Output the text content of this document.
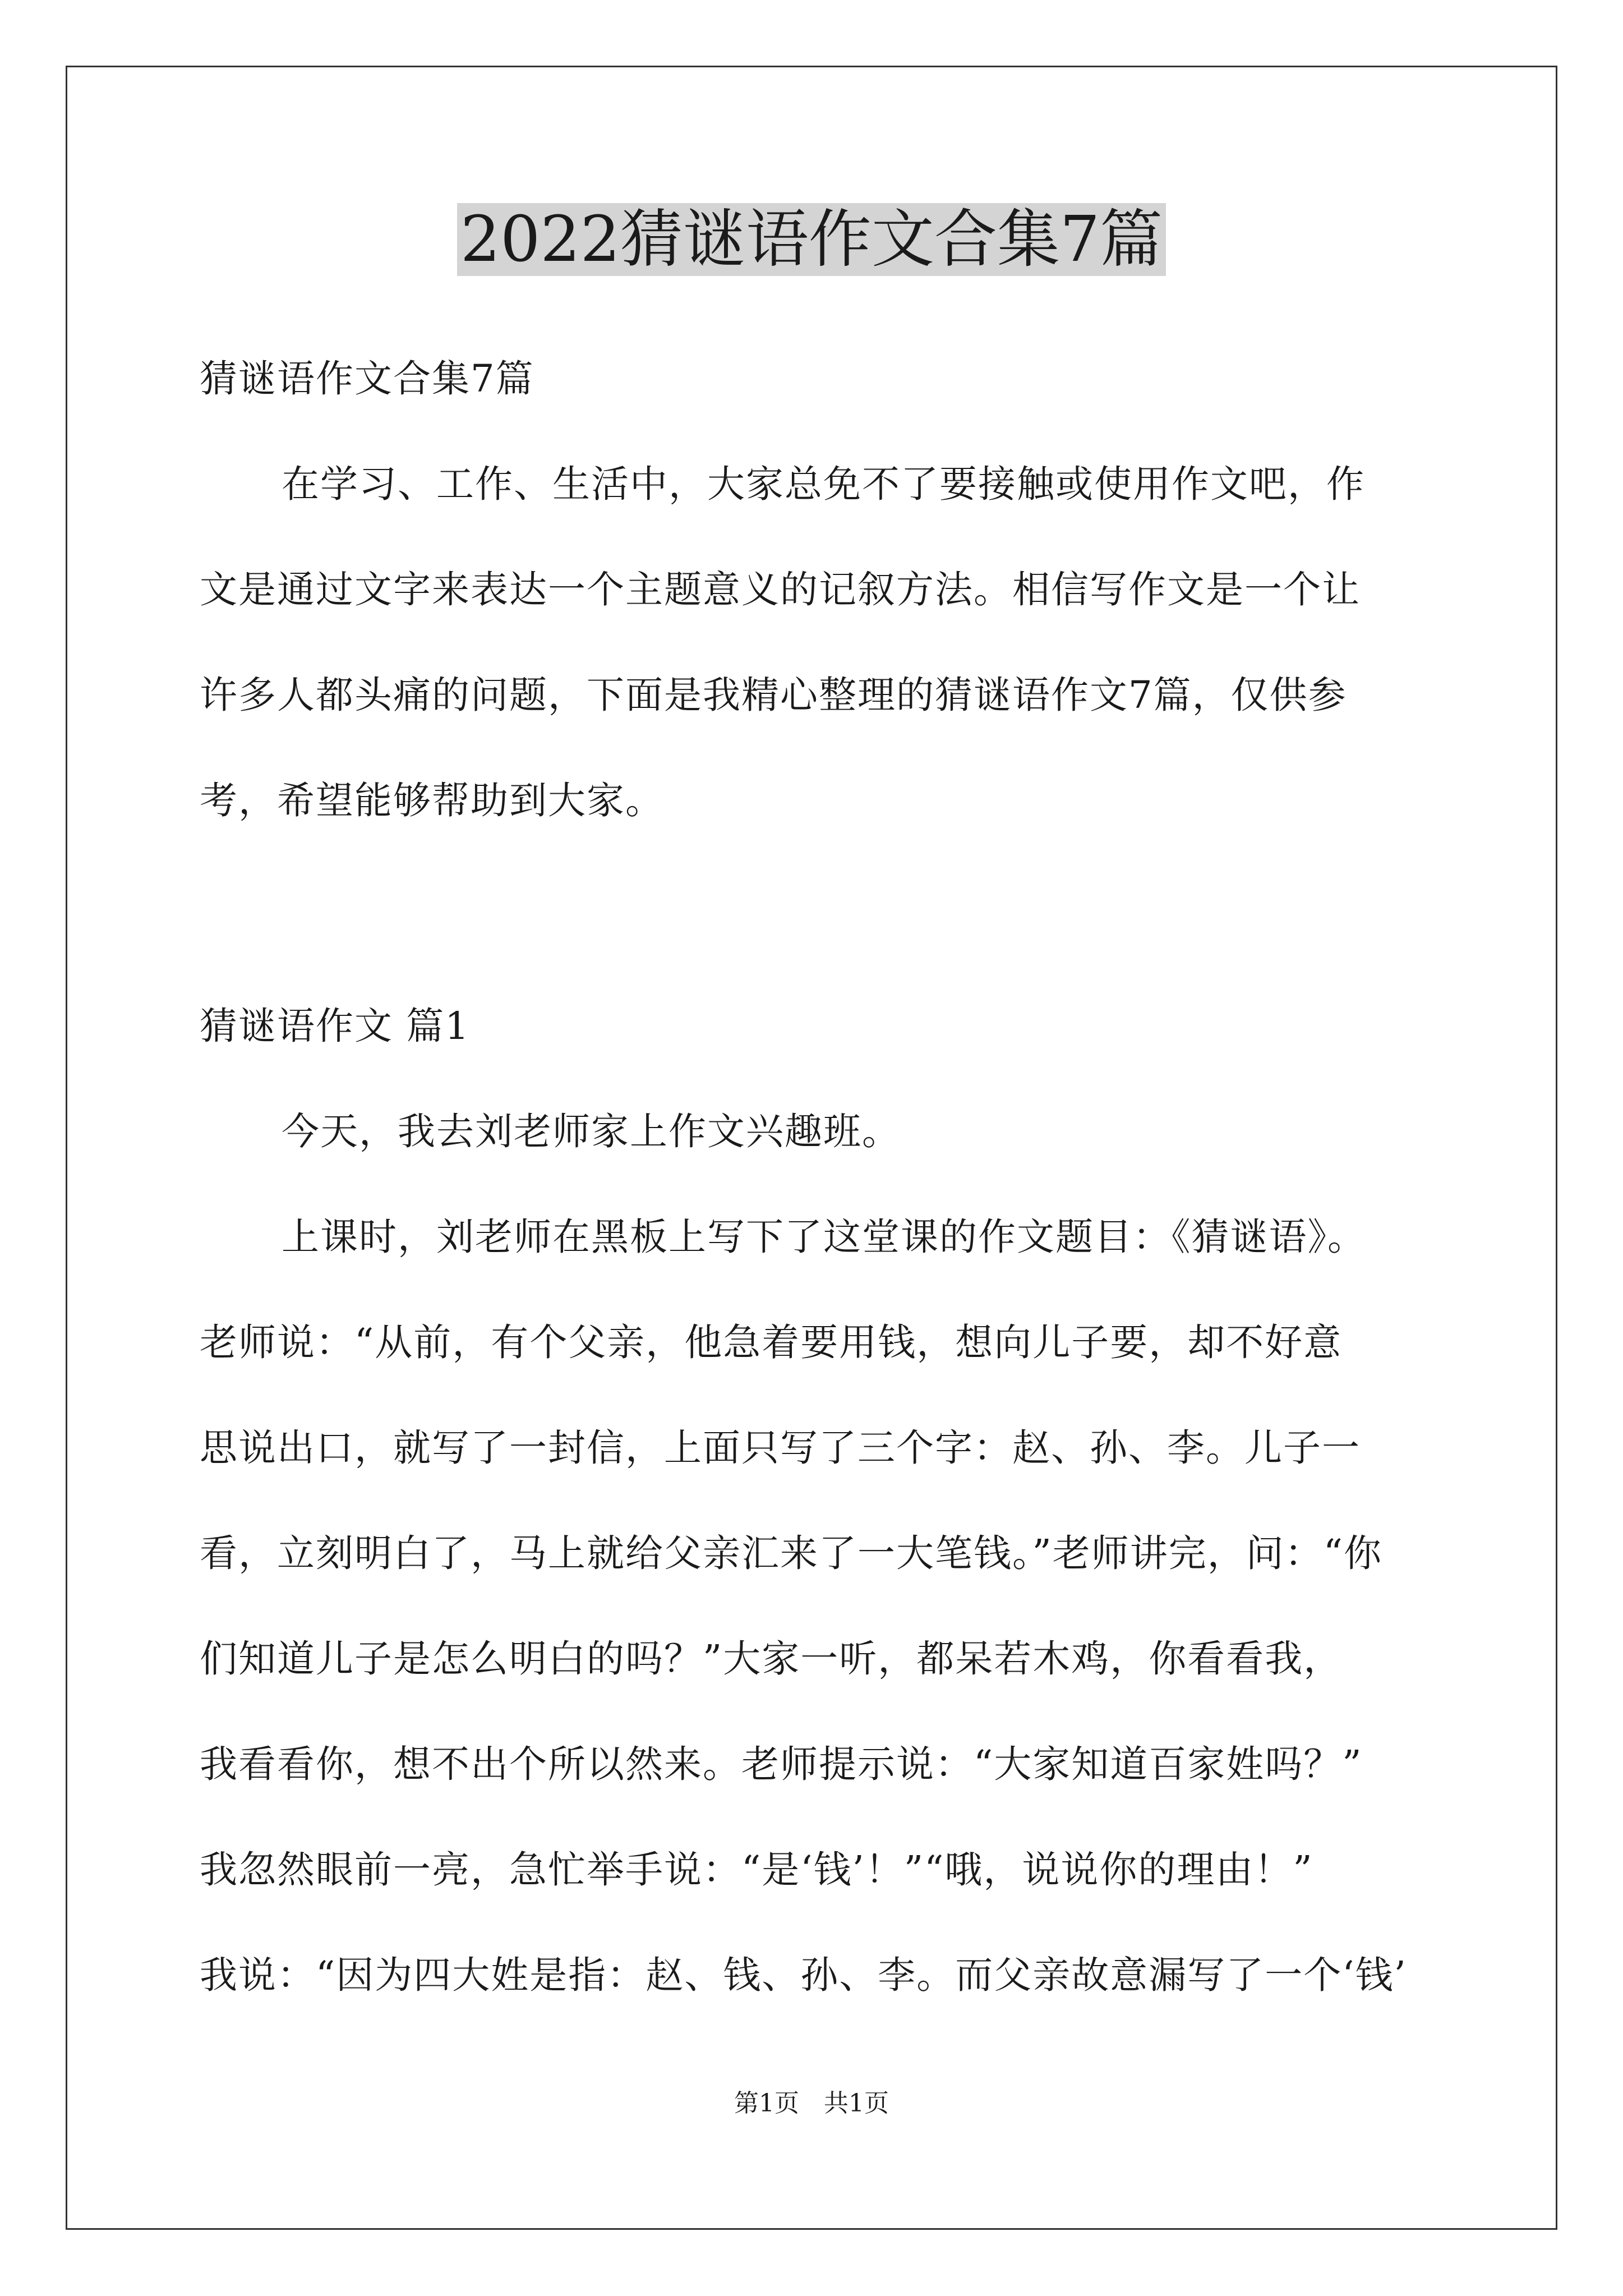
2022猜谜语作文合集7篇
猜谜语作文合集7篇
在学习、工作、生活中，大家总免不了要接触或使用作文吧，作
文是通过文字来表达一个主题意义的记叙方法。相信写作文是一个让
许多人都头痛的问题，下面是我精心整理的猜谜语作文7篇，仅供参
考，希望能够帮助到大家。
猜谜语作文 篇1
今天，我去刘老师家上作文兴趣班。
上课时，刘老师在黑板上写下了这堂课的作文题目：《猜谜语》。
老师说：“从前，有个父亲，他急着要用钱，想向儿子要，却不好意
思说出口，就写了一封信，上面只写了三个字：赵、孙、李。儿子一
看，立刻明白了，马上就给父亲汇来了一大笔钱。”老师讲完，问：“你
们知道儿子是怎么明白的吗？”大家一听，都呆若木鸡，你看看我，
我看看你，想不出个所以然来。老师提示说：“大家知道百家姓吗？”
我忽然眼前一亮，急忙举手说：“是‘钱’！”“哦，说说你的理由！”
我说：“因为四大姓是指：赵、钱、孙、李。而父亲故意漏写了一个‘钱’
第1页　共1页
